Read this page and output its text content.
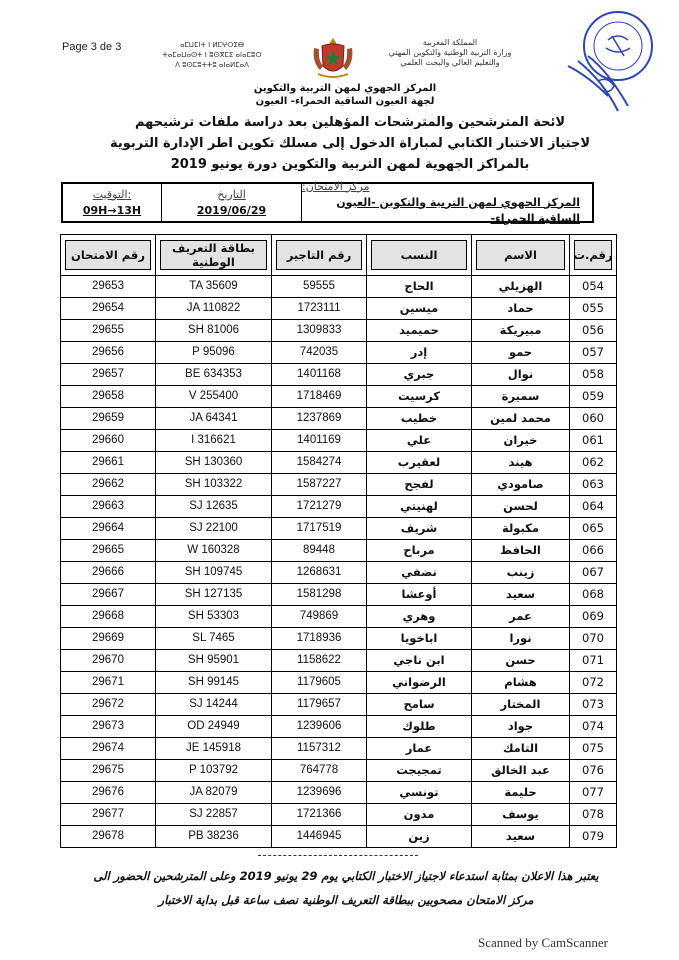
Page 3 de 3	ⴰⵎⵡⵎⵏⵜ ⵏ ⵍⵎⵖⵔⵉⴱ
ⵜⴰⵎⴰⵡⴰⵙⵜ ⵏ ⵓⵙⴳⵎⵉ ⴰⵏⴰⵎⵓⵔ
ⴷ ⵓⵙⵎⵓⵜⵜⵓ ⴰⵏⴰⵍⵎⴰⴷ
المملكة المغربية
وزارة التربية الوطنية والتكوين المهني
والتعليم العالي والبحث العلمي
المركز الجهوي لمهن التربية والتكوين
لجهة العيون الساقية الحمراء- العيون
لائحة المترشحين والمترشحات المؤهلين بعد دراسة ملفات ترشيحهم
لاجتياز الاختبار الكتابي لمباراة الدخول إلى مسلك تكوين اطر الإدارة التربوية
بالمراكز الجهوية لمهن التربية والتكوين دورة يونيو 2019
التوقيت:
09H→13H
التاريخ
2019/06/29
مركز الامتحان:
المركز الجهوي لمهن التربية والتكوين -العيون الساقية الحمراء-
رقم.ت	الاسم	النسب	رقم التاجير	بطاقة التعريف الوطنية	رقم الامتحان

054	الهزيلي	الحاج	59555	TA 35609	29653
055	حماد	ميسين	1723111	JA 110822	29654
056	مبيريكة	حميميد	1309833	SH 81006	29655
057	حمو	إدر	742035	P 95096	29656
058	نوال	جبري	1401168	BE 634353	29657
059	سميرة	كرسيت	1718469	V 255400	29658
060	محمد لمين	خطيب	1237869	JA 64341	29659
061	خيران	علي	1401169	I 316621	29660
062	هيند	لعقيرب	1584274	SH 130360	29661
063	صامودي	لفجح	1587227	SH 103322	29662
064	لحسن	لهنيتي	1721279	SJ 12635	29663
065	مكبولة	شريف	1717519	SJ 22100	29664
066	الحافظ	مرباح	89448	W 160328	29665
067	زينب	نضفي	1268631	SH 109745	29666
068	سعيد	أوعشا	1581298	SH 127135	29667
069	عمر	وهري	749869	SH 53303	29668
070	نورا	اباخويا	1718936	SL 7465	29669
071	حسن	ابن ناجي	1158622	SH 95901	29670
072	هشام	الرضواني	1179605	SH 99145	29671
073	المختار	سامح	1179657	SJ 14244	29672
074	جواد	طلوك	1239606	OD 24949	29673
075	التامك	عمار	1157312	JE 145918	29674
076	عبد الخالق	تمجيجت	764778	P 103792	29675
077	حليمة	تونسي	1239696	JA 82079	29676
078	يوسف	مدون	1721366	SJ 22857	29677
079	سعيد	زين	1446945	PB 38236	29678
يعتبر هذا الاعلان بمثابة استدعاء لاجتياز الاختبار الكتابي يوم 29 يونيو 2019 وعلى المترشحين الحضور الى
مركز الامتحان مصحوبين ببطاقة التعريف الوطنية نصف ساعة قبل بداية الاختبار
Scanned by CamScanner
